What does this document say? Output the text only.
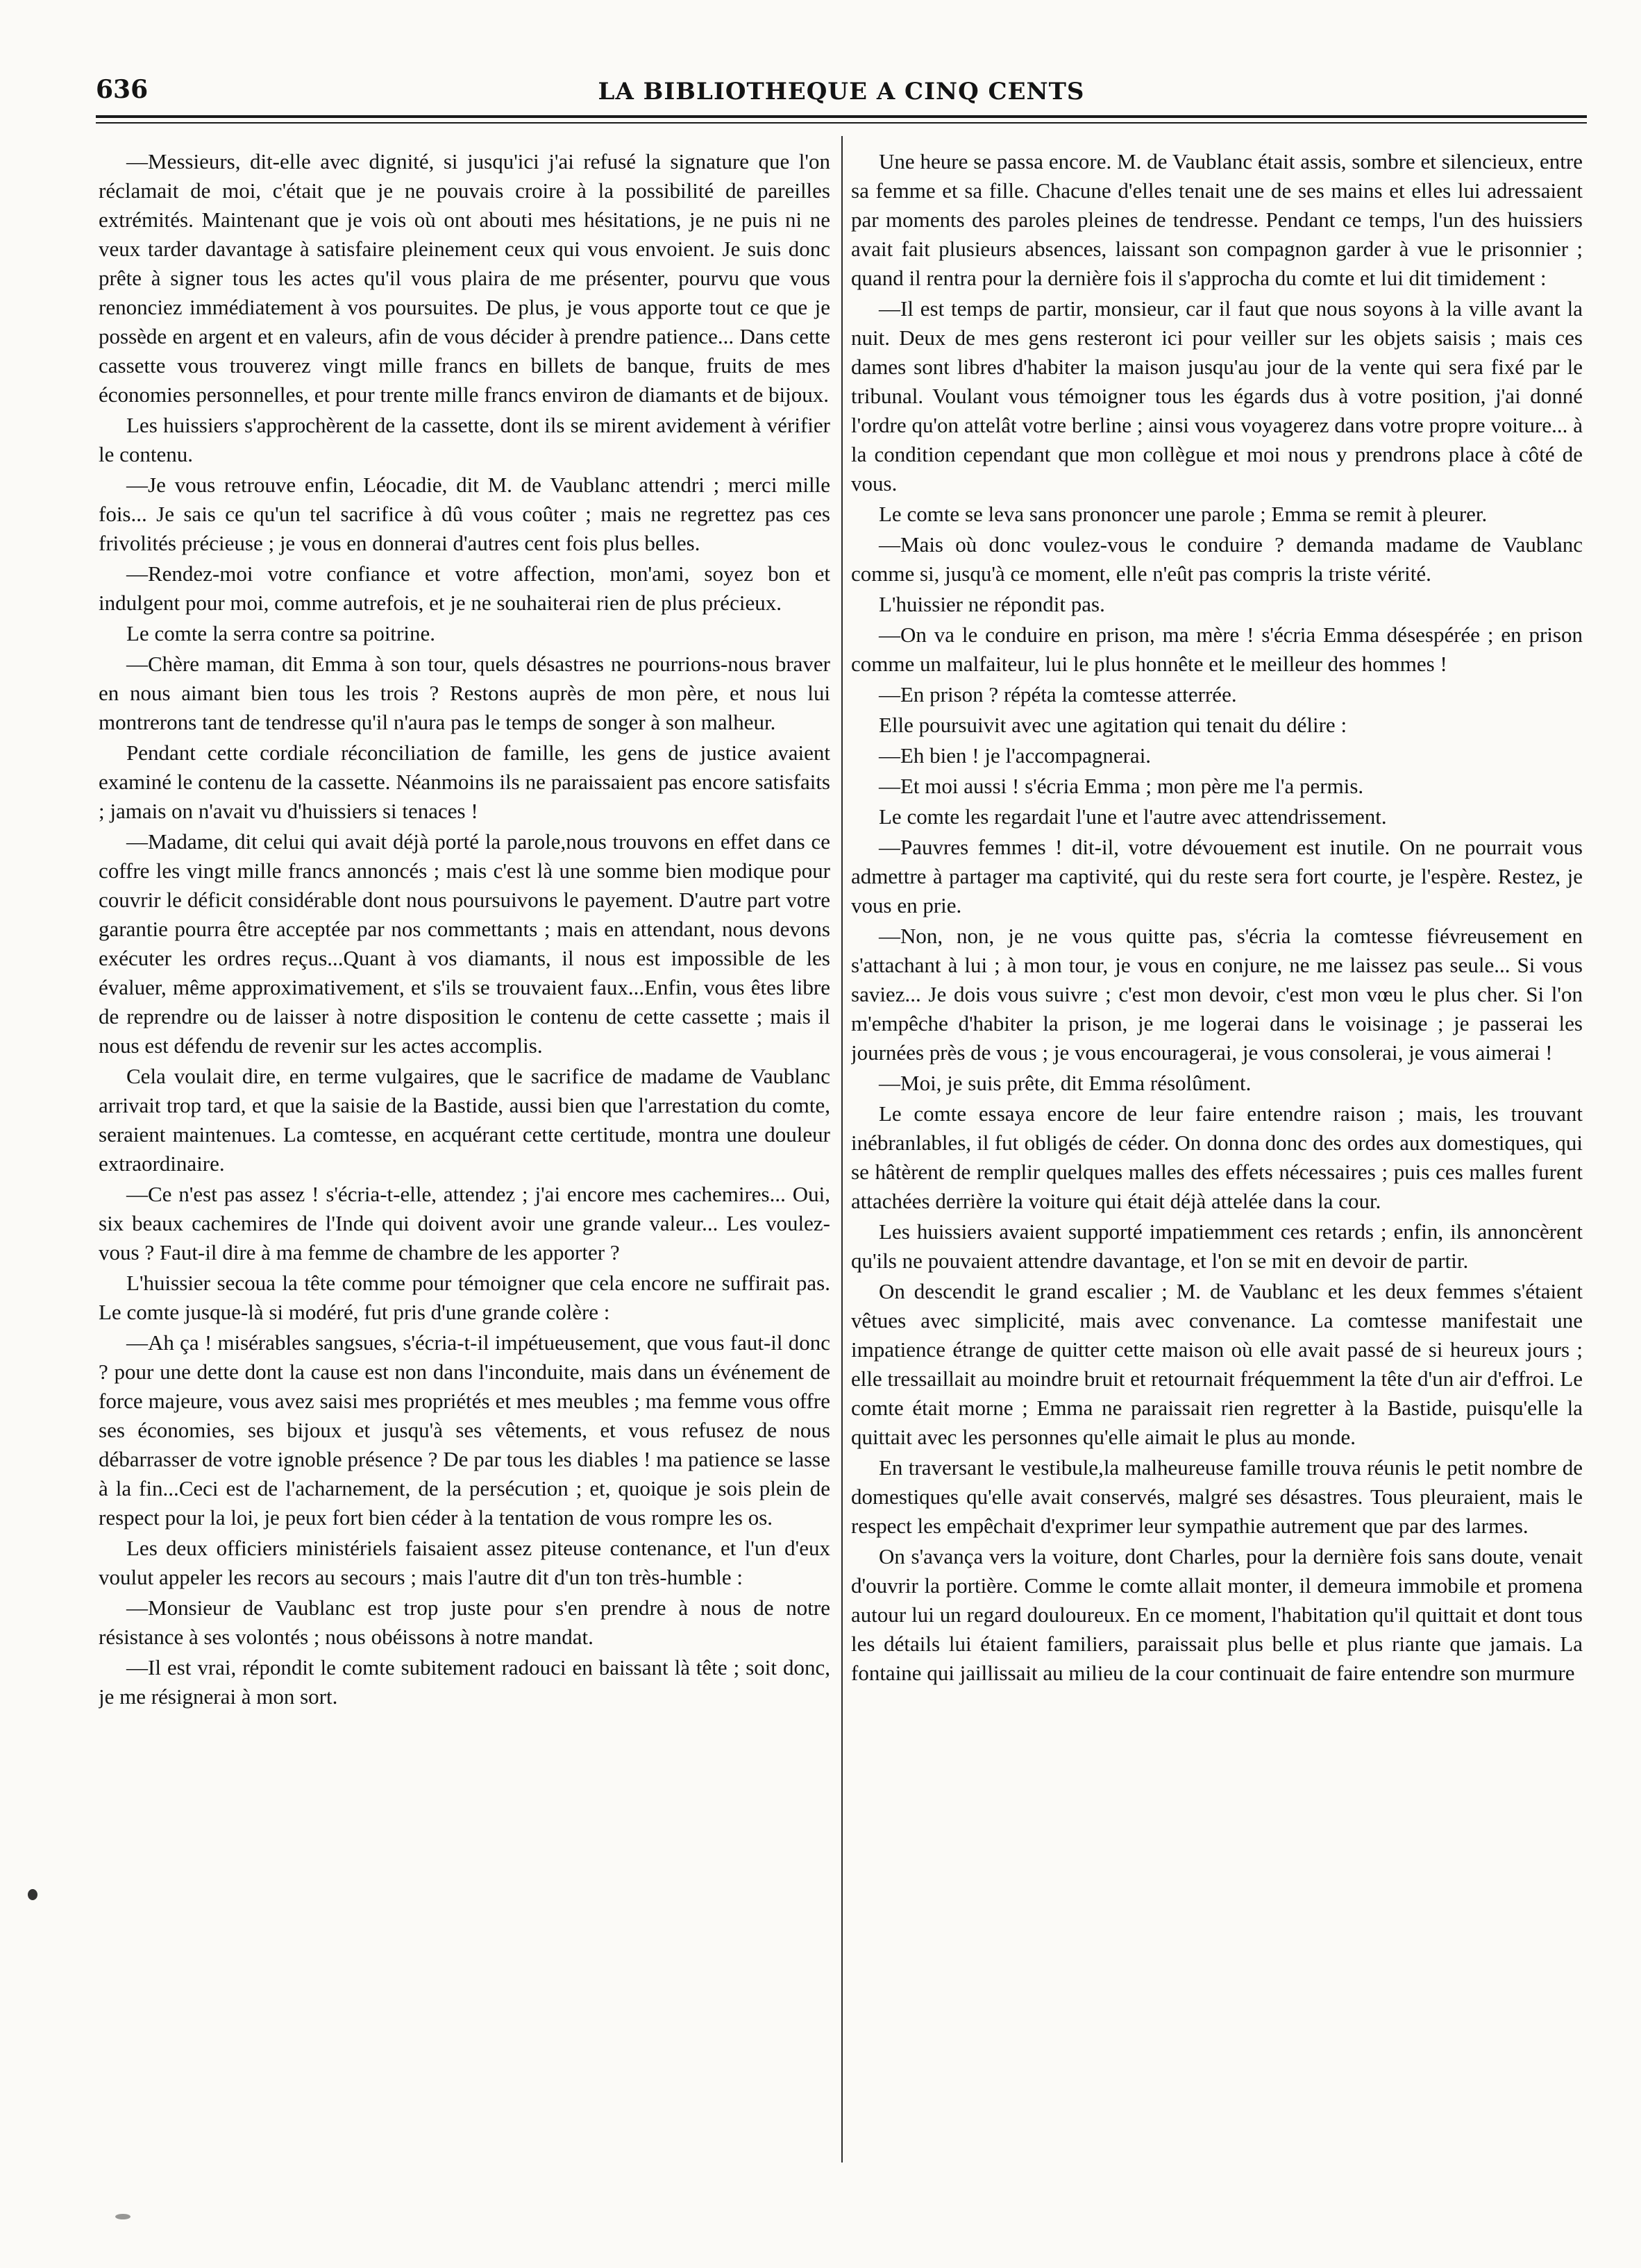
636	LA BIBLIOTHEQUE A CINQ CENTS

—Messieurs, dit-elle avec dignité, si jusqu'ici j'ai refusé la signature que l'on réclamait de moi, c'était que je ne pouvais croire à la possibilité de pareilles extrémités. Maintenant que je vois où ont abouti mes hésitations, je ne puis ni ne veux tarder davantage à satisfaire pleinement ceux qui vous envoient. Je suis donc prête à signer tous les actes qu'il vous plaira de me présenter, pourvu que vous renonciez immédiatement à vos poursuites. De plus, je vous apporte tout ce que je possède en argent et en valeurs, afin de vous décider à prendre patience... Dans cette cassette vous trouverez vingt mille francs en billets de banque, fruits de mes économies personnelles, et pour trente mille francs environ de diamants et de bijoux.

Les huissiers s'approchèrent de la cassette, dont ils se mirent avidement à vérifier le contenu.

—Je vous retrouve enfin, Léocadie, dit M. de Vaublanc attendri ; merci mille fois... Je sais ce qu'un tel sacrifice à dû vous coûter ; mais ne regrettez pas ces frivolités précieuse ; je vous en donnerai d'autres cent fois plus belles.

—Rendez-moi votre confiance et votre affection, mon'ami, soyez bon et indulgent pour moi, comme autrefois, et je ne souhaiterai rien de plus précieux.

Le comte la serra contre sa poitrine.

—Chère maman, dit Emma à son tour, quels désastres ne pourrions-nous braver en nous aimant bien tous les trois ? Restons auprès de mon père, et nous lui montrerons tant de tendresse qu'il n'aura pas le temps de songer à son malheur.

Pendant cette cordiale réconciliation de famille, les gens de justice avaient examiné le contenu de la cassette. Néanmoins ils ne paraissaient pas encore satisfaits ; jamais on n'avait vu d'huissiers si tenaces !

—Madame, dit celui qui avait déjà porté la parole,nous trouvons en effet dans ce coffre les vingt mille francs annoncés ; mais c'est là une somme bien modique pour couvrir le déficit considérable dont nous poursuivons le payement. D'autre part votre garantie pourra être acceptée par nos commettants ; mais en attendant, nous devons exécuter les ordres reçus...Quant à vos diamants, il nous est impossible de les évaluer, même approximativement, et s'ils se trouvaient faux...Enfin, vous êtes libre de reprendre ou de laisser à notre disposition le contenu de cette cassette ; mais il nous est défendu de revenir sur les actes accomplis.

Cela voulait dire, en terme vulgaires, que le sacrifice de madame de Vaublanc arrivait trop tard, et que la saisie de la Bastide, aussi bien que l'arrestation du comte, seraient maintenues. La comtesse, en acquérant cette certitude, montra une douleur extraordinaire.

—Ce n'est pas assez ! s'écria-t-elle, attendez ; j'ai encore mes cachemires... Oui, six beaux cachemires de l'Inde qui doivent avoir une grande valeur... Les voulez-vous ? Faut-il dire à ma femme de chambre de les apporter ?

L'huissier secoua la tête comme pour témoigner que cela encore ne suffirait pas. Le comte jusque-là si modéré, fut pris d'une grande colère :

—Ah ça ! misérables sangsues, s'écria-t-il impétueusement, que vous faut-il donc ? pour une dette dont la cause est non dans l'inconduite, mais dans un événement de force majeure, vous avez saisi mes propriétés et mes meubles ; ma femme vous offre ses économies, ses bijoux et jusqu'à ses vêtements, et vous refusez de nous débarrasser de votre ignoble présence ? De par tous les diables ! ma patience se lasse à la fin...Ceci est de l'acharnement, de la persécution ; et, quoique je sois plein de respect pour la loi, je peux fort bien céder à la tentation de vous rompre les os.

Les deux officiers ministériels faisaient assez piteuse contenance, et l'un d'eux voulut appeler les recors au secours ; mais l'autre dit d'un ton très-humble :

—Monsieur de Vaublanc est trop juste pour s'en prendre à nous de notre résistance à ses volontés ; nous obéissons à notre mandat.

—Il est vrai, répondit le comte subitement radouci en baissant là tête ; soit donc, je me résignerai à mon sort.

Une heure se passa encore. M. de Vaublanc était assis, sombre et silencieux, entre sa femme et sa fille. Chacune d'elles tenait une de ses mains et elles lui adressaient par moments des paroles pleines de tendresse. Pendant ce temps, l'un des huissiers avait fait plusieurs absences, laissant son compagnon garder à vue le prisonnier ; quand il rentra pour la dernière fois il s'approcha du comte et lui dit timidement :

—Il est temps de partir, monsieur, car il faut que nous soyons à la ville avant la nuit. Deux de mes gens resteront ici pour veiller sur les objets saisis ; mais ces dames sont libres d'habiter la maison jusqu'au jour de la vente qui sera fixé par le tribunal. Voulant vous témoigner tous les égards dus à votre position, j'ai donné l'ordre qu'on attelât votre berline ; ainsi vous voyagerez dans votre propre voiture... à la condition cependant que mon collègue et moi nous y prendrons place à côté de vous.

Le comte se leva sans prononcer une parole ; Emma se remit à pleurer.

—Mais où donc voulez-vous le conduire ? demanda madame de Vaublanc comme si, jusqu'à ce moment, elle n'eût pas compris la triste vérité.

L'huissier ne répondit pas.

—On va le conduire en prison, ma mère ! s'écria Emma désespérée ; en prison comme un malfaiteur, lui le plus honnête et le meilleur des hommes !

—En prison ? répéta la comtesse atterrée.

Elle poursuivit avec une agitation qui tenait du délire :

—Eh bien ! je l'accompagnerai.

—Et moi aussi ! s'écria Emma ; mon père me l'a permis.

Le comte les regardait l'une et l'autre avec attendrissement.

—Pauvres femmes ! dit-il, votre dévouement est inutile. On ne pourrait vous admettre à partager ma captivité, qui du reste sera fort courte, je l'espère. Restez, je vous en prie.

—Non, non, je ne vous quitte pas, s'écria la comtesse fiévreusement en s'attachant à lui ; à mon tour, je vous en conjure, ne me laissez pas seule... Si vous saviez... Je dois vous suivre ; c'est mon devoir, c'est mon vœu le plus cher. Si l'on m'empêche d'habiter la prison, je me logerai dans le voisinage ; je passerai les journées près de vous ; je vous encouragerai, je vous consolerai, je vous aimerai !

—Moi, je suis prête, dit Emma résolûment.

Le comte essaya encore de leur faire entendre raison ; mais, les trouvant inébranlables, il fut obligés de céder. On donna donc des ordes aux domestiques, qui se hâtèrent de remplir quelques malles des effets nécessaires ; puis ces malles furent attachées derrière la voiture qui était déjà attelée dans la cour.

Les huissiers avaient supporté impatiemment ces retards ; enfin, ils annoncèrent qu'ils ne pouvaient attendre davantage, et l'on se mit en devoir de partir.

On descendit le grand escalier ; M. de Vaublanc et les deux femmes s'étaient vêtues avec simplicité, mais avec convenance. La comtesse manifestait une impatience étrange de quitter cette maison où elle avait passé de si heureux jours ; elle tressaillait au moindre bruit et retournait fréquemment la tête d'un air d'effroi. Le comte était morne ; Emma ne paraissait rien regretter à la Bastide, puisqu'elle la quittait avec les personnes qu'elle aimait le plus au monde.

En traversant le vestibule,la malheureuse famille trouva réunis le petit nombre de domestiques qu'elle avait conservés, malgré ses désastres. Tous pleuraient, mais le respect les empêchait d'exprimer leur sympathie autrement que par des larmes.

On s'avança vers la voiture, dont Charles, pour la dernière fois sans doute, venait d'ouvrir la portière. Comme le comte allait monter, il demeura immobile et promena autour lui un regard douloureux. En ce moment, l'habitation qu'il quittait et dont tous les détails lui étaient familiers, paraissait plus belle et plus riante que jamais. La fontaine qui jaillissait au milieu de la cour continuait de faire entendre son murmure
